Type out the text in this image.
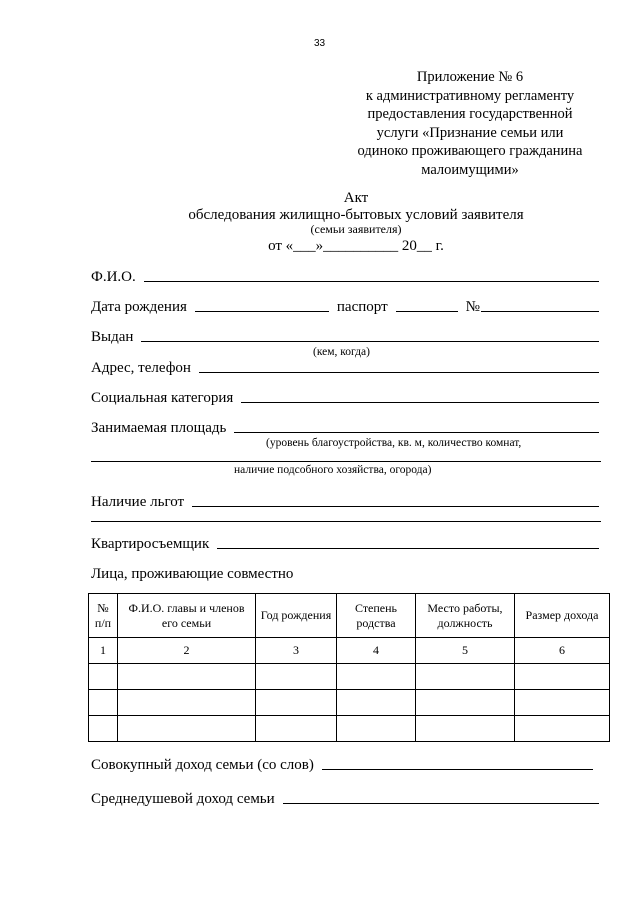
33
Приложение № 6
к административному регламенту
предоставления государственной
услуги «Признание семьи или
одиноко проживающего гражданина
малоимущими»
Акт
обследования жилищно-бытовых условий заявителя
(семьи заявителя)
от «___»__________ 20__ г.
Ф.И.О.
Дата рождения	паспорт	№
Выдан
(кем, когда)
Адрес, телефон
Социальная категория
Занимаемая площадь
(уровень благоустройства, кв. м, количество комнат,
наличие подсобного хозяйства, огорода)
Наличие льгот
Квартиросъемщик
Лица, проживающие совместно
№ п/п	Ф.И.О. главы и членов его семьи	Год рождения	Степень родства	Место работы, должность	Размер дохода
1	2	3	4	5	6

Совокупный доход семьи (со слов)
Среднедушевой доход семьи
